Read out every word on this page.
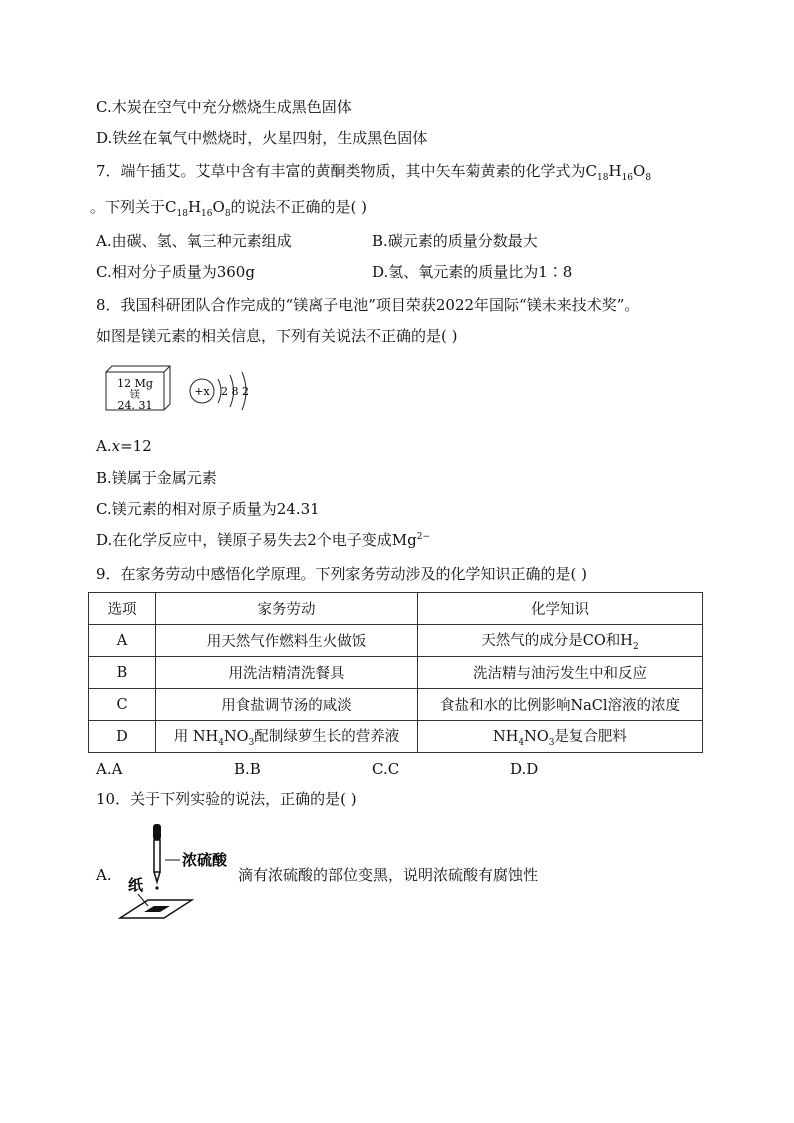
C.木炭在空气中充分燃烧生成黑色固体
D.铁丝在氧气中燃烧时，火星四射，生成黑色固体
7．端午插艾。艾草中含有丰富的黄酮类物质，其中矢车菊黄素的化学式为$C_{18}H_{16}O_8$
。下列关于$C_{18}H_{16}O_8$的说法不正确的是( )
A.由碳、氢、氧三种元素组成	B.碳元素的质量分数最大
C.相对分子质量为360g	D.氢、氧元素的质量比为1∶8
8．我国科研团队合作完成的“镁离子电池”项目荣获2022年国际“镁未来技术奖”。
如图是镁元素的相关信息，下列有关说法不正确的是( )
12 Mg
镁
24. 31
+x 2 8 2
A.x=12
B.镁属于金属元素
C.镁元素的相对原子质量为24.31
D.在化学反应中，镁原子易失去2个电子变成$Mg^{2-}$
9．在家务劳动中感悟化学原理。下列家务劳动涉及的化学知识正确的是( )
选项	家务劳动	化学知识
A	用天然气作燃料生火做饭	天然气的成分是CO和$H_2$
B	用洗洁精清洗餐具	洗洁精与油污发生中和反应
C	用食盐调节汤的咸淡	食盐和水的比例影响NaCl溶液的浓度
D	用 $NH_4NO_3$配制绿萝生长的营养液	$NH_4NO_3$是复合肥料
A.A	B.B	C.C	D.D
10．关于下列实验的说法，正确的是( )
A.
浓硫酸
纸
滴有浓硫酸的部位变黑，说明浓硫酸有腐蚀性
